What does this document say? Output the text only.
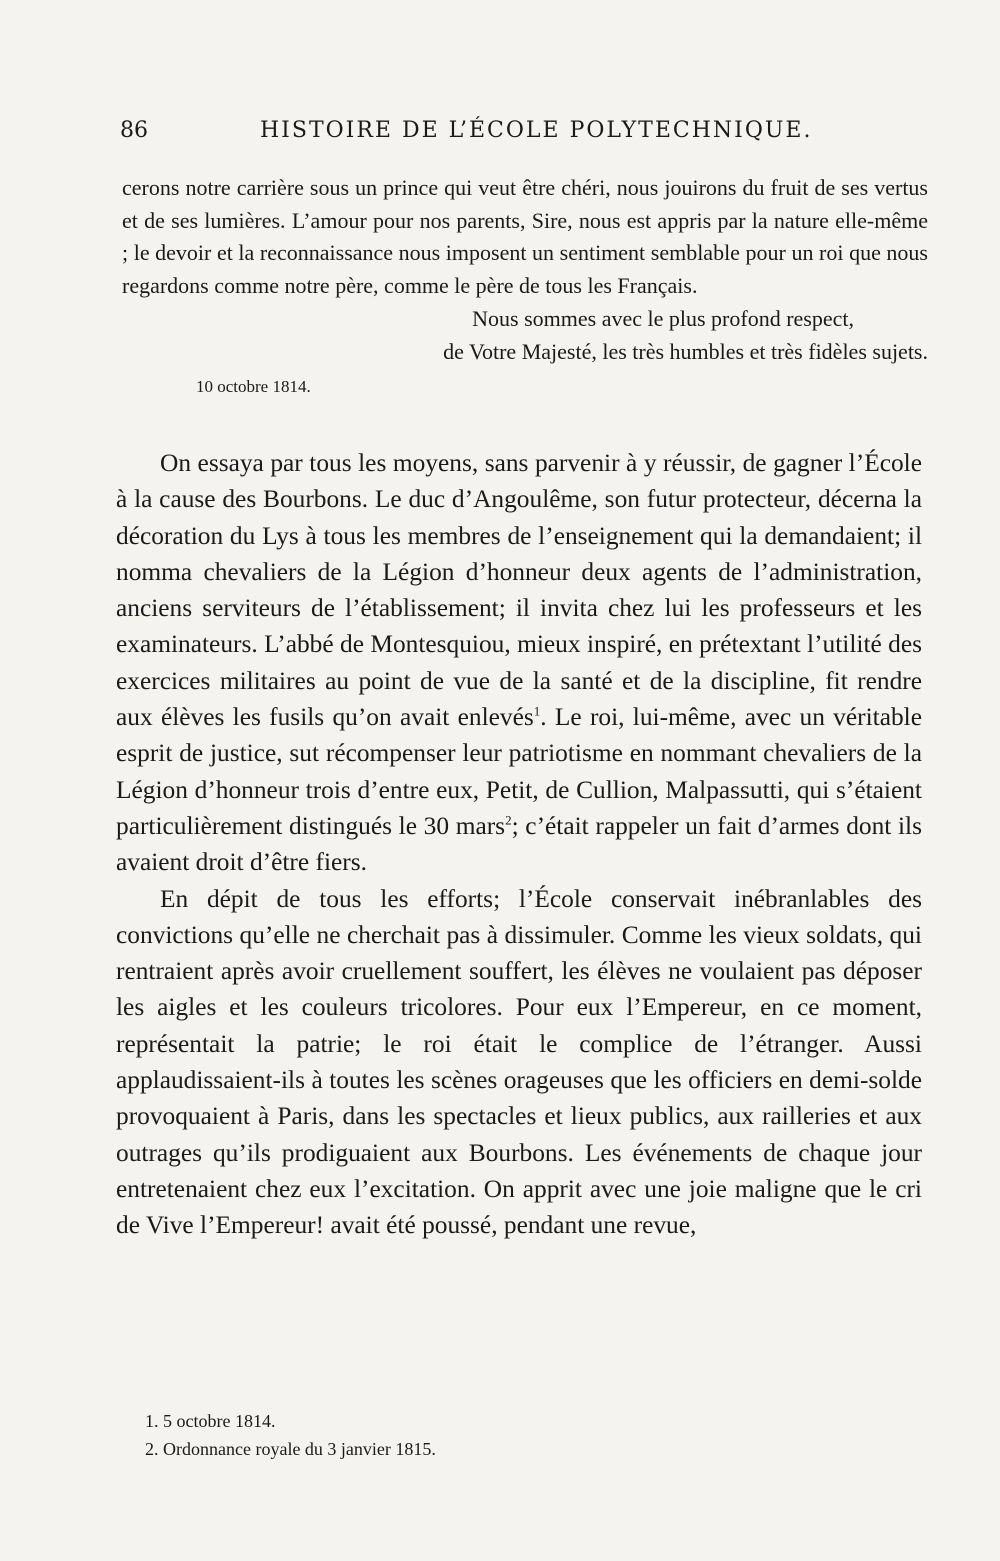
86	HISTOIRE DE L’ÉCOLE POLYTECHNIQUE.

cerons notre carrière sous un prince qui veut être chéri, nous jouirons du fruit de ses vertus et de ses lumières. L’amour pour nos parents, Sire, nous est appris par la nature elle-même ; le devoir et la reconnaissance nous imposent un sentiment semblable pour un roi que nous regardons comme notre père, comme le père de tous les Français.

Nous sommes avec le plus profond respect,
de Votre Majesté, les très humbles et très fidèles sujets.

10 octobre 1814.

On essaya par tous les moyens, sans parvenir à y réussir, de gagner l’École à la cause des Bourbons. Le duc d’Angoulême, son futur protecteur, décerna la décoration du Lys à tous les membres de l’enseignement qui la demandaient; il nomma chevaliers de la Légion d’honneur deux agents de l’administration, anciens serviteurs de l’établissement; il invita chez lui les professeurs et les examinateurs. L’abbé de Montesquiou, mieux inspiré, en prétextant l’utilité des exercices militaires au point de vue de la santé et de la discipline, fit rendre aux élèves les fusils qu’on avait enlevés$^1$. Le roi, lui-même, avec un véritable esprit de justice, sut récompenser leur patriotisme en nommant chevaliers de la Légion d’honneur trois d’entre eux, Petit, de Cullion, Malpassutti, qui s’étaient particulièrement distingués le 30 mars$^2$; c’était rappeler un fait d’armes dont ils avaient droit d’être fiers.

En dépit de tous les efforts; l’École conservait inébranlables des convictions qu’elle ne cherchait pas à dissimuler. Comme les vieux soldats, qui rentraient après avoir cruellement souffert, les élèves ne voulaient pas déposer les aigles et les couleurs tricolores. Pour eux l’Empereur, en ce moment, représentait la patrie; le roi était le complice de l’étranger. Aussi applaudissaient-ils à toutes les scènes orageuses que les officiers en demi-solde provoquaient à Paris, dans les spectacles et lieux publics, aux railleries et aux outrages qu’ils prodiguaient aux Bourbons. Les événements de chaque jour entretenaient chez eux l’excitation. On apprit avec une joie maligne que le cri de Vive l’Empereur! avait été poussé, pendant une revue,

1. 5 octobre 1814.

2. Ordonnance royale du 3 janvier 1815.
